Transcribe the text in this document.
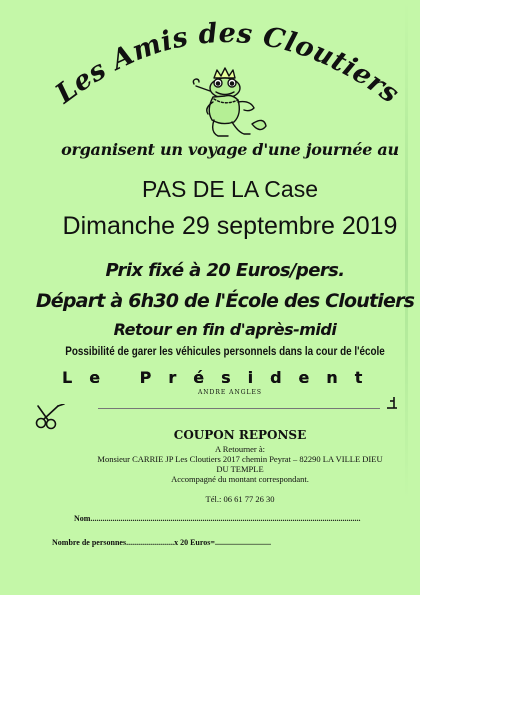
Les Amis des Cloutiers
organisent un voyage d'une journée au
PAS DE LA Case
Dimanche 29 septembre 2019
Prix fixé à 20 Euros/pers.
Départ à 6h30 de l'École des Cloutiers
Retour en fin d'après-midi
Possibilité de garer les véhicules personnels dans la cour de l'école
Le Président
ANDRE ANGLES
COUPON REPONSE
A Retourner à:
Monsieur CARRIE JP Les Cloutiers 2017 chemin Peyrat – 82290 LA VILLE DIEU
DU TEMPLE
Accompagné du montant correspondant.
Tél.: 06 61 77 26 30
Nom.......................................................................................................................................
Nombre de personnes........................x 20 Euros=............................
